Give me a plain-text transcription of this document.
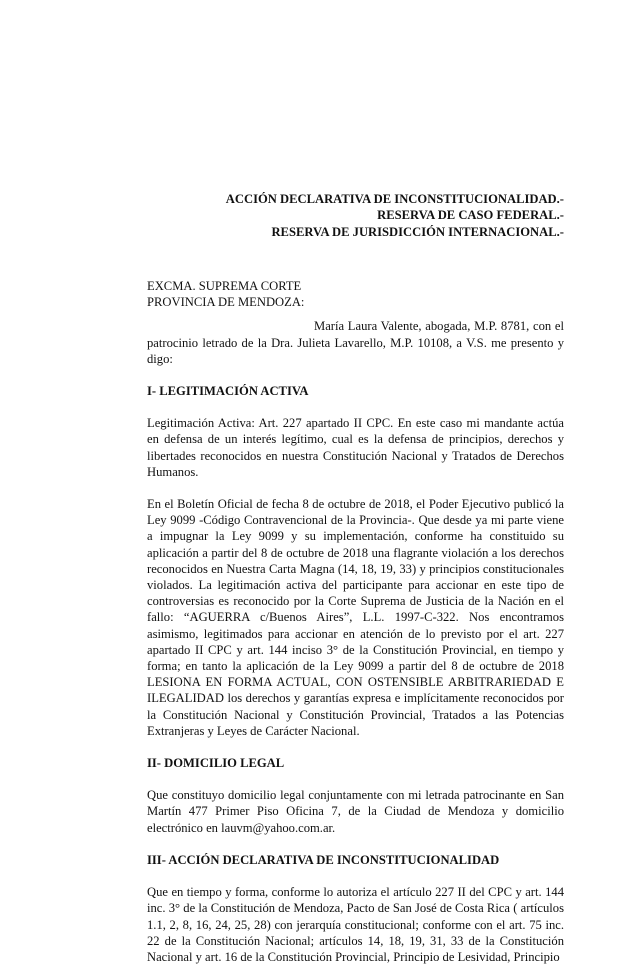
ACCIÓN DECLARATIVA DE INCONSTITUCIONALIDAD.-
RESERVA DE CASO FEDERAL.-
RESERVA DE JURISDICCIÓN INTERNACIONAL.-

EXCMA. SUPREMA CORTE

PROVINCIA DE MENDOZA:

María Laura Valente, abogada, M.P. 8781, con el patrocinio letrado de la Dra. Julieta Lavarello, M.P. 10108, a V.S. me presento y digo:

I- LEGITIMACIÓN ACTIVA

Legitimación Activa: Art. 227 apartado II CPC. En este caso mi mandante actúa en defensa de un interés legítimo, cual es la defensa de principios, derechos y libertades reconocidos en nuestra Constitución Nacional y Tratados de Derechos Humanos.

En el Boletín Oficial de fecha 8 de octubre de 2018, el Poder Ejecutivo publicó la Ley 9099 -Código Contravencional de la Provincia-. Que desde ya mi parte viene a impugnar la Ley 9099 y su implementación, conforme ha constituido su aplicación a partir del 8 de octubre de 2018 una flagrante violación a los derechos reconocidos en Nuestra Carta Magna (14, 18, 19, 33) y principios constitucionales violados. La legitimación activa del participante para accionar en este tipo de controversias es reconocido por la Corte Suprema de Justicia de la Nación en el fallo: “AGUERRA c/Buenos Aires”, L.L. 1997-C-322. Nos encontramos asimismo, legitimados para accionar en atención de lo previsto por el art. 227 apartado II CPC y art. 144 inciso 3° de la Constitución Provincial, en tiempo y forma; en tanto la aplicación de la Ley 9099 a partir del 8 de octubre de 2018 LESIONA EN FORMA ACTUAL, CON OSTENSIBLE ARBITRARIEDAD E ILEGALIDAD los derechos y garantías expresa e implícitamente reconocidos por la Constitución Nacional y Constitución Provincial, Tratados a las Potencias Extranjeras y Leyes de Carácter Nacional.

II- DOMICILIO LEGAL

Que constituyo domicilio legal conjuntamente con mi letrada patrocinante en San Martín 477 Primer Piso Oficina 7, de la Ciudad de Mendoza y domicilio electrónico en lauvm@yahoo.com.ar.

III- ACCIÓN DECLARATIVA DE INCONSTITUCIONALIDAD

Que en tiempo y forma, conforme lo autoriza el artículo 227 II del CPC y art. 144 inc. 3° de la Constitución de Mendoza, Pacto de San José de Costa Rica ( artículos 1.1, 2, 8, 16, 24, 25, 28) con jerarquía constitucional; conforme con el art. 75 inc. 22 de la Constitución Nacional; artículos 14, 18, 19, 31, 33 de la Constitución Nacional y art. 16 de la Constitución Provincial, Principio de Lesividad, Principio
